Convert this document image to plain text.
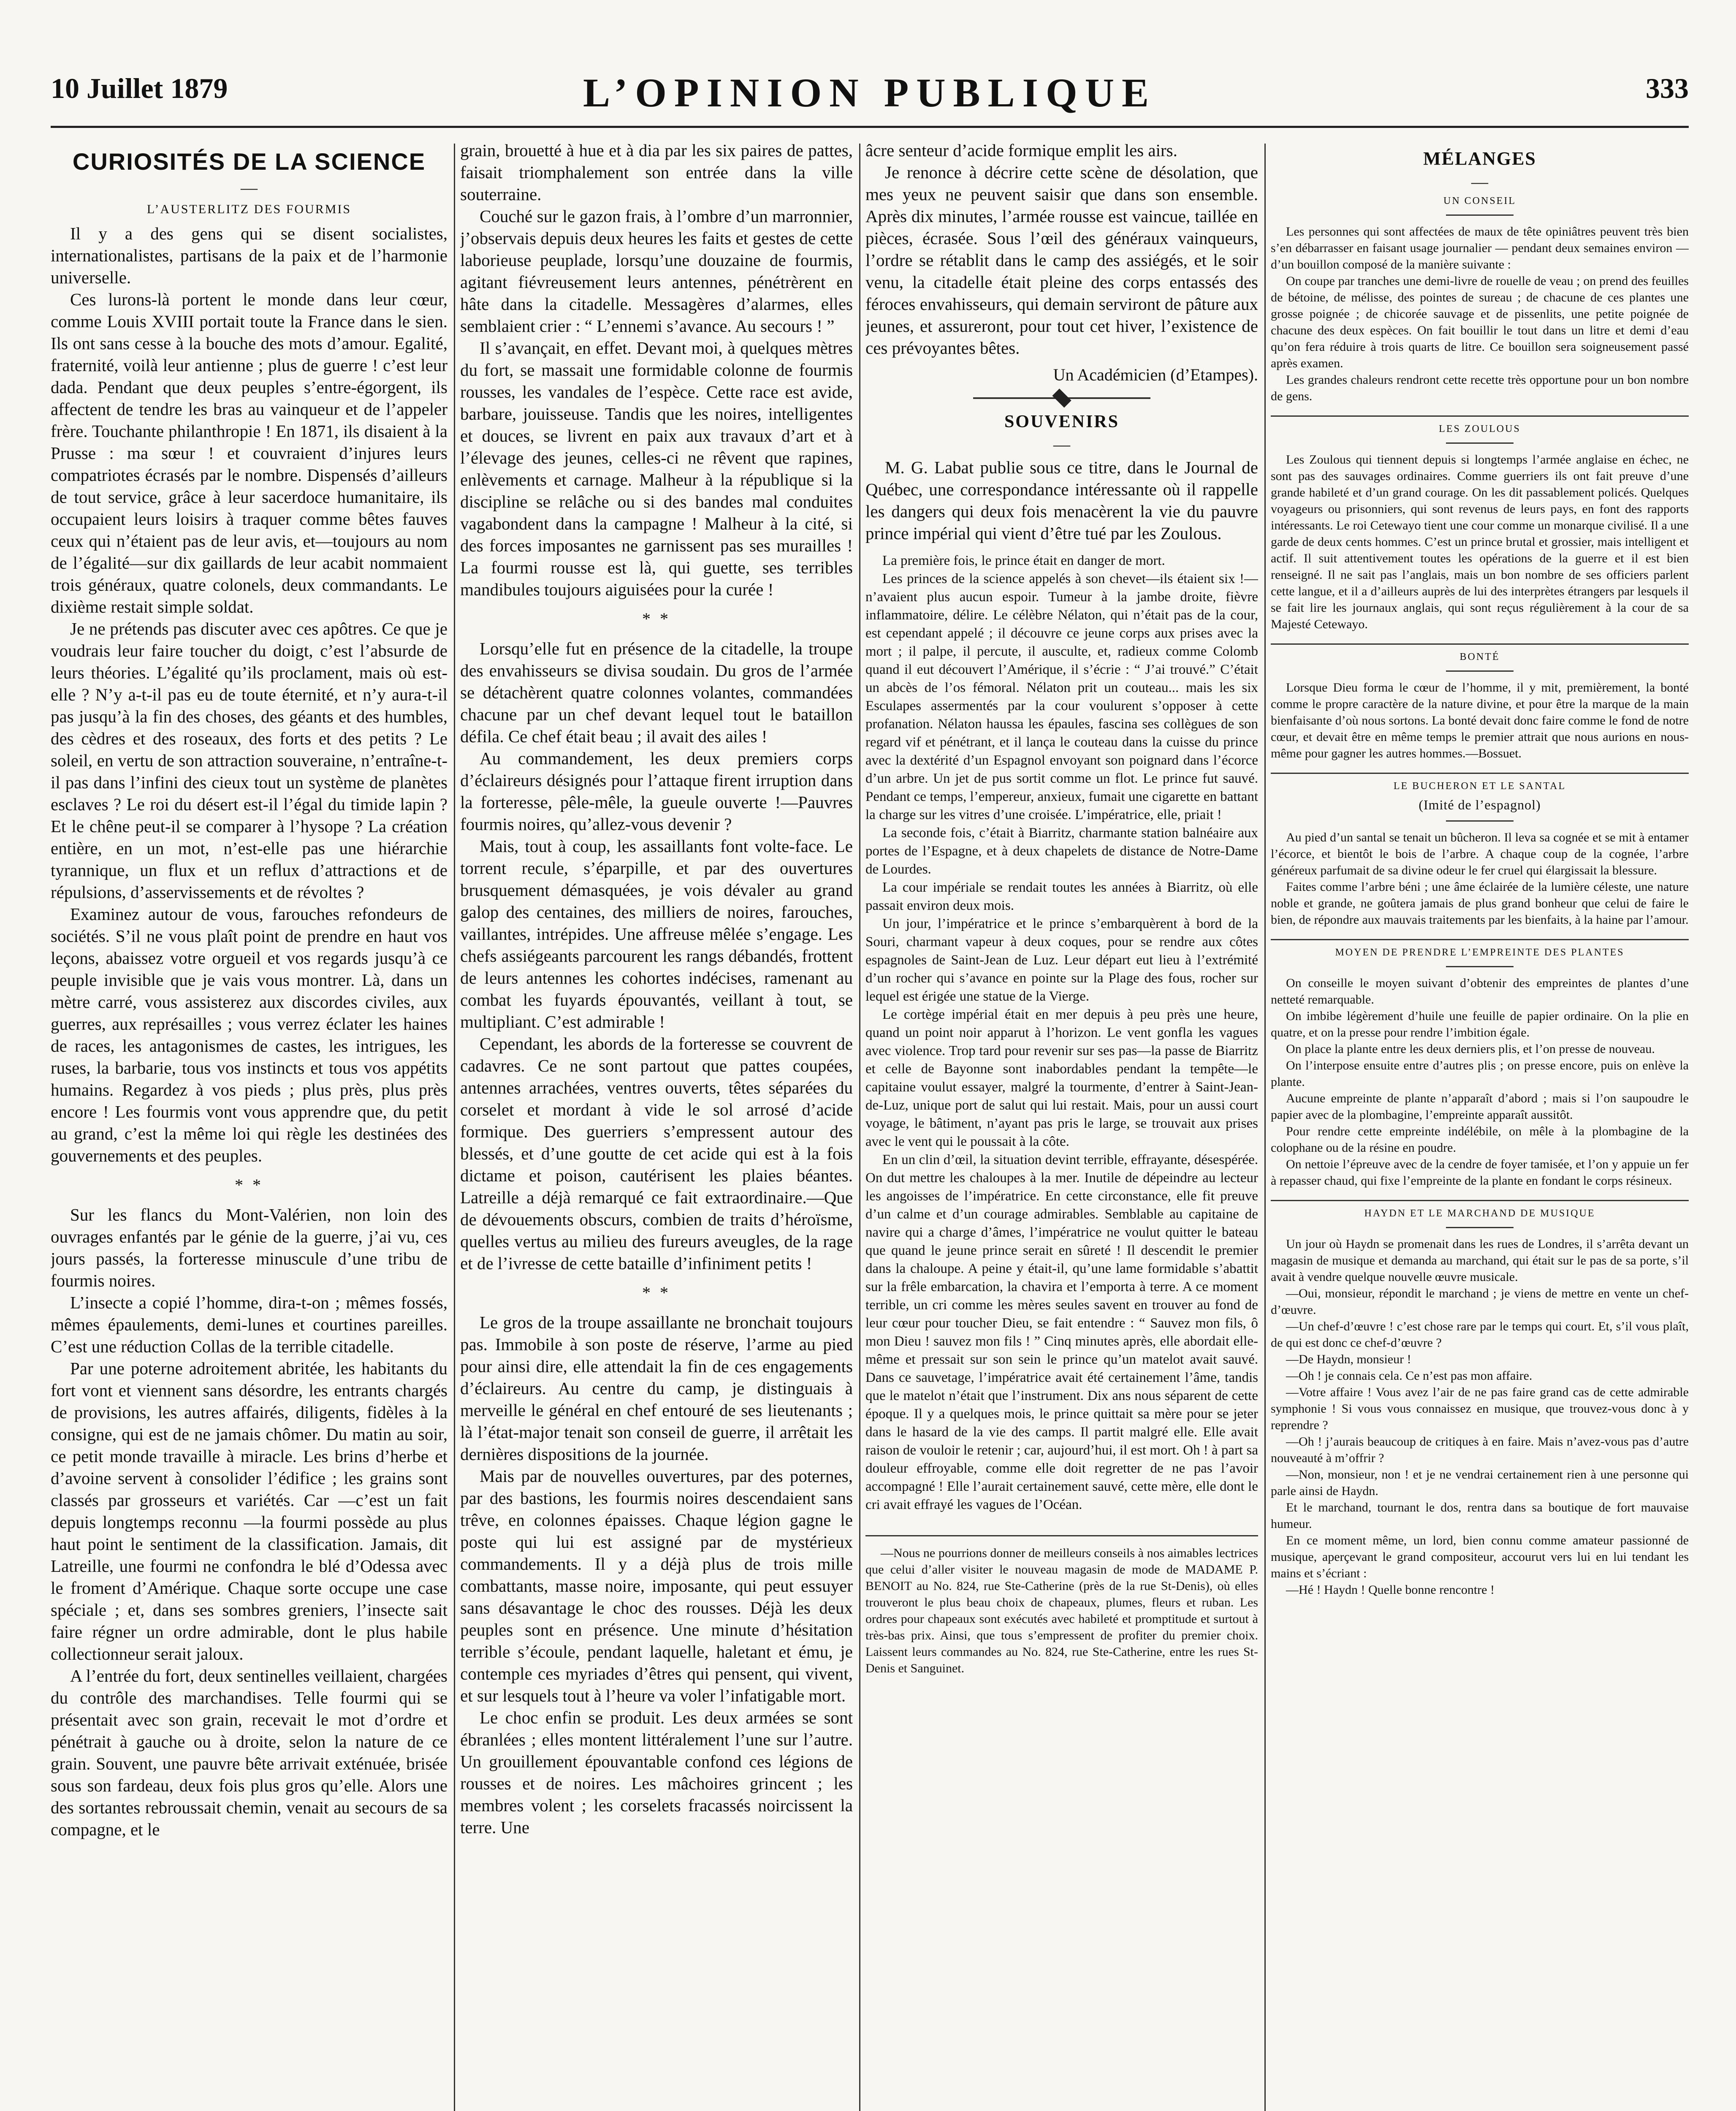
10 Juillet 1879	L’OPINION PUBLIQUE	333
CURIOSITÉS DE LA SCIENCE
—
L’AUSTERLITZ DES FOURMIS

Il y a des gens qui se disent socialistes, internationalistes, partisans de la paix et de l’harmonie universelle.

Ces lurons-là portent le monde dans leur cœur, comme Louis XVIII portait toute la France dans le sien. Ils ont sans cesse à la bouche des mots d’amour. Egalité, fraternité, voilà leur antienne ; plus de guerre ! c’est leur dada. Pendant que deux peuples s’entre-égorgent, ils affectent de tendre les bras au vainqueur et de l’appeler frère. Touchante philanthropie ! En 1871, ils disaient à la Prusse : ma sœur ! et couvraient d’injures leurs compatriotes écrasés par le nombre. Dispensés d’ailleurs de tout service, grâce à leur sacerdoce humanitaire, ils occupaient leurs loisirs à traquer comme bêtes fauves ceux qui n’étaient pas de leur avis, et—toujours au nom de l’égalité—sur dix gaillards de leur acabit nommaient trois généraux, quatre colonels, deux commandants. Le dixième restait simple soldat.

Je ne prétends pas discuter avec ces apôtres. Ce que je voudrais leur faire toucher du doigt, c’est l’absurde de leurs théories. L’égalité qu’ils proclament, mais où est-elle ? N’y a-t-il pas eu de toute éternité, et n’y aura-t-il pas jusqu’à la fin des choses, des géants et des humbles, des cèdres et des roseaux, des forts et des petits ? Le soleil, en vertu de son attraction souveraine, n’entraîne-t-il pas dans l’infini des cieux tout un système de planètes esclaves ? Le roi du désert est-il l’égal du timide lapin ? Et le chêne peut-il se comparer à l’hysope ? La création entière, en un mot, n’est-elle pas une hiérarchie tyrannique, un flux et un reflux d’attractions et de répulsions, d’asservissements et de révoltes ?

Examinez autour de vous, farouches refondeurs de sociétés. S’il ne vous plaît point de prendre en haut vos leçons, abaissez votre orgueil et vos regards jusqu’à ce peuple invisible que je vais vous montrer. Là, dans un mètre carré, vous assisterez aux discordes civiles, aux guerres, aux représailles ; vous verrez éclater les haines de races, les antagonismes de castes, les intrigues, les ruses, la barbarie, tous vos instincts et tous vos appétits humains. Regardez à vos pieds ; plus près, plus près encore ! Les fourmis vont vous apprendre que, du petit au grand, c’est la même loi qui règle les destinées des gouvernements et des peuples.

* *

Sur les flancs du Mont-Valérien, non loin des ouvrages enfantés par le génie de la guerre, j’ai vu, ces jours passés, la forteresse minuscule d’une tribu de fourmis noires.

L’insecte a copié l’homme, dira-t-on ; mêmes fossés, mêmes épaulements, demi-lunes et courtines pareilles. C’est une réduction Collas de la terrible citadelle.

Par une poterne adroitement abritée, les habitants du fort vont et viennent sans désordre, les entrants chargés de provisions, les autres affairés, diligents, fidèles à la consigne, qui est de ne jamais chômer. Du matin au soir, ce petit monde travaille à miracle. Les brins d’herbe et d’avoine servent à consolider l’édifice ; les grains sont classés par grosseurs et variétés. Car —c’est un fait depuis longtemps reconnu —la fourmi possède au plus haut point le sentiment de la classification. Jamais, dit Latreille, une fourmi ne confondra le blé d’Odessa avec le froment d’Amérique. Chaque sorte occupe une case spéciale ; et, dans ses sombres greniers, l’insecte sait faire régner un ordre admirable, dont le plus habile collectionneur serait jaloux.

A l’entrée du fort, deux sentinelles veillaient, chargées du contrôle des marchandises. Telle fourmi qui se présentait avec son grain, recevait le mot d’ordre et pénétrait à gauche ou à droite, selon la nature de ce grain. Souvent, une pauvre bête arrivait exténuée, brisée sous son fardeau, deux fois plus gros qu’elle. Alors une des sortantes rebroussait chemin, venait au secours de sa compagne, et le

grain, brouetté à hue et à dia par les six paires de pattes, faisait triomphalement son entrée dans la ville souterraine.

Couché sur le gazon frais, à l’ombre d’un marronnier, j’observais depuis deux heures les faits et gestes de cette laborieuse peuplade, lorsqu’une douzaine de fourmis, agitant fiévreusement leurs antennes, pénétrèrent en hâte dans la citadelle. Messagères d’alarmes, elles semblaient crier : “ L’ennemi s’avance. Au secours ! ”

Il s’avançait, en effet. Devant moi, à quelques mètres du fort, se massait une formidable colonne de fourmis rousses, les vandales de l’espèce. Cette race est avide, barbare, jouisseuse. Tandis que les noires, intelligentes et douces, se livrent en paix aux travaux d’art et à l’élevage des jeunes, celles-ci ne rêvent que rapines, enlèvements et carnage. Malheur à la république si la discipline se relâche ou si des bandes mal conduites vagabondent dans la campagne ! Malheur à la cité, si des forces imposantes ne garnissent pas ses murailles ! La fourmi rousse est là, qui guette, ses terribles mandibules toujours aiguisées pour la curée !

* *

Lorsqu’elle fut en présence de la citadelle, la troupe des envahisseurs se divisa soudain. Du gros de l’armée se détachèrent quatre colonnes volantes, commandées chacune par un chef devant lequel tout le bataillon défila. Ce chef était beau ; il avait des ailes !

Au commandement, les deux premiers corps d’éclaireurs désignés pour l’attaque firent irruption dans la forteresse, pêle-mêle, la gueule ouverte !—Pauvres fourmis noires, qu’allez-vous devenir ?

Mais, tout à coup, les assaillants font volte-face. Le torrent recule, s’éparpille, et par des ouvertures brusquement démasquées, je vois dévaler au grand galop des centaines, des milliers de noires, farouches, vaillantes, intrépides. Une affreuse mêlée s’engage. Les chefs assiégeants parcourent les rangs débandés, frottent de leurs antennes les cohortes indécises, ramenant au combat les fuyards épouvantés, veillant à tout, se multipliant. C’est admirable !

Cependant, les abords de la forteresse se couvrent de cadavres. Ce ne sont partout que pattes coupées, antennes arrachées, ventres ouverts, têtes séparées du corselet et mordant à vide le sol arrosé d’acide formique. Des guerriers s’empressent autour des blessés, et d’une goutte de cet acide qui est à la fois dictame et poison, cautérisent les plaies béantes. Latreille a déjà remarqué ce fait extraordinaire.—Que de dévouements obscurs, combien de traits d’héroïsme, quelles vertus au milieu des fureurs aveugles, de la rage et de l’ivresse de cette bataille d’infiniment petits !

* *

Le gros de la troupe assaillante ne bronchait toujours pas. Immobile à son poste de réserve, l’arme au pied pour ainsi dire, elle attendait la fin de ces engagements d’éclaireurs. Au centre du camp, je distinguais à merveille le général en chef entouré de ses lieutenants ; là l’état-major tenait son conseil de guerre, il arrêtait les dernières dispositions de la journée.

Mais par de nouvelles ouvertures, par des poternes, par des bastions, les fourmis noires descendaient sans trêve, en colonnes épaisses. Chaque légion gagne le poste qui lui est assigné par de mystérieux commandements. Il y a déjà plus de trois mille combattants, masse noire, imposante, qui peut essuyer sans désavantage le choc des rousses. Déjà les deux peuples sont en présence. Une minute d’hésitation terrible s’écoule, pendant laquelle, haletant et ému, je contemple ces myriades d’êtres qui pensent, qui vivent, et sur lesquels tout à l’heure va voler l’infatigable mort.

Le choc enfin se produit. Les deux armées se sont ébranlées ; elles montent littéralement l’une sur l’autre. Un grouillement épouvantable confond ces légions de rousses et de noires. Les mâchoires grincent ; les membres volent ; les corselets fracassés noircissent la terre. Une

âcre senteur d’acide formique emplit les airs.

Je renonce à décrire cette scène de désolation, que mes yeux ne peuvent saisir que dans son ensemble. Après dix minutes, l’armée rousse est vaincue, taillée en pièces, écrasée. Sous l’œil des généraux vainqueurs, l’ordre se rétablit dans le camp des assiégés, et le soir venu, la citadelle était pleine des corps entassés des féroces envahisseurs, qui demain serviront de pâture aux jeunes, et assureront, pour tout cet hiver, l’existence de ces prévoyantes bêtes.

Un Académicien (d’Etampes).
SOUVENIRS
—

M. G. Labat publie sous ce titre, dans le Journal de Québec, une correspondance intéressante où il rappelle les dangers qui deux fois menacèrent la vie du pauvre prince impérial qui vient d’être tué par les Zoulous.

La première fois, le prince était en danger de mort.

Les princes de la science appelés à son chevet—ils étaient six !— n’avaient plus aucun espoir. Tumeur à la jambe droite, fièvre inflammatoire, délire. Le célèbre Nélaton, qui n’était pas de la cour, est cependant appelé ; il découvre ce jeune corps aux prises avec la mort ; il palpe, il percute, il ausculte, et, radieux comme Colomb quand il eut découvert l’Amérique, il s’écrie : “ J’ai trouvé.” C’était un abcès de l’os fémoral. Nélaton prit un couteau... mais les six Esculapes assermentés par la cour voulurent s’opposer à cette profanation. Nélaton haussa les épaules, fascina ses collègues de son regard vif et pénétrant, et il lança le couteau dans la cuisse du prince avec la dextérité d’un Espagnol envoyant son poignard dans l’écorce d’un arbre. Un jet de pus sortit comme un flot. Le prince fut sauvé. Pendant ce temps, l’empereur, anxieux, fumait une cigarette en battant la charge sur les vitres d’une croisée. L’impératrice, elle, priait !

La seconde fois, c’était à Biarritz, charmante station balnéaire aux portes de l’Espagne, et à deux chapelets de distance de Notre-Dame de Lourdes.

La cour impériale se rendait toutes les années à Biarritz, où elle passait environ deux mois.

Un jour, l’impératrice et le prince s’embarquèrent à bord de la Souri, charmant vapeur à deux coques, pour se rendre aux côtes espagnoles de Saint-Jean de Luz. Leur départ eut lieu à l’extrémité d’un rocher qui s’avance en pointe sur la Plage des fous, rocher sur lequel est érigée une statue de la Vierge.

Le cortège impérial était en mer depuis à peu près une heure, quand un point noir apparut à l’horizon. Le vent gonfla les vagues avec violence. Trop tard pour revenir sur ses pas—la passe de Biarritz et celle de Bayonne sont inabordables pendant la tempête—le capitaine voulut essayer, malgré la tourmente, d’entrer à Saint-Jean-de-Luz, unique port de salut qui lui restait. Mais, pour un aussi court voyage, le bâtiment, n’ayant pas pris le large, se trouvait aux prises avec le vent qui le poussait à la côte.

En un clin d’œil, la situation devint terrible, effrayante, désespérée. On dut mettre les chaloupes à la mer. Inutile de dépeindre au lecteur les angoisses de l’impératrice. En cette circonstance, elle fit preuve d’un calme et d’un courage admirables. Semblable au capitaine de navire qui a charge d’âmes, l’impératrice ne voulut quitter le bateau que quand le jeune prince serait en sûreté ! Il descendit le premier dans la chaloupe. A peine y était-il, qu’une lame formidable s’abattit sur la frêle embarcation, la chavira et l’emporta à terre. A ce moment terrible, un cri comme les mères seules savent en trouver au fond de leur cœur pour toucher Dieu, se fait entendre : “ Sauvez mon fils, ô mon Dieu ! sauvez mon fils ! ” Cinq minutes après, elle abordait elle-même et pressait sur son sein le prince qu’un matelot avait sauvé. Dans ce sauvetage, l’impératrice avait été certainement l’âme, tandis que le matelot n’était que l’instrument. Dix ans nous séparent de cette époque. Il y a quelques mois, le prince quittait sa mère pour se jeter dans le hasard de la vie des camps. Il partit malgré elle. Elle avait raison de vouloir le retenir ; car, aujourd’hui, il est mort. Oh ! à part sa douleur effroyable, comme elle doit regretter de ne pas l’avoir accompagné ! Elle l’aurait certainement sauvé, cette mère, elle dont le cri avait effrayé les vagues de l’Océan.

—Nous ne pourrions donner de meilleurs conseils à nos aimables lectrices que celui d’aller visiter le nouveau magasin de mode de MADAME P. BENOIT au No. 824, rue Ste-Catherine (près de la rue St-Denis), où elles trouveront le plus beau choix de chapeaux, plumes, fleurs et ruban. Les ordres pour chapeaux sont exécutés avec habileté et promptitude et surtout à très-bas prix. Ainsi, que tous s’empressent de profiter du premier choix. Laissent leurs commandes au No. 824, rue Ste-Catherine, entre les rues St-Denis et Sanguinet.

MÉLANGES
—
UN CONSEIL

Les personnes qui sont affectées de maux de tête opiniâtres peuvent très bien s’en débarrasser en faisant usage journalier — pendant deux semaines environ —d’un bouillon composé de la manière suivante :

On coupe par tranches une demi-livre de rouelle de veau ; on prend des feuilles de bétoine, de mélisse, des pointes de sureau ; de chacune de ces plantes une grosse poignée ; de chicorée sauvage et de pissenlits, une petite poignée de chacune des deux espèces. On fait bouillir le tout dans un litre et demi d’eau qu’on fera réduire à trois quarts de litre. Ce bouillon sera soigneusement passé après examen.

Les grandes chaleurs rendront cette recette très opportune pour un bon nombre de gens.

LES ZOULOUS

Les Zoulous qui tiennent depuis si longtemps l’armée anglaise en échec, ne sont pas des sauvages ordinaires. Comme guerriers ils ont fait preuve d’une grande habileté et d’un grand courage. On les dit passablement policés. Quelques voyageurs ou prisonniers, qui sont revenus de leurs pays, en font des rapports intéressants. Le roi Cetewayo tient une cour comme un monarque civilisé. Il a une garde de deux cents hommes. C’est un prince brutal et grossier, mais intelligent et actif. Il suit attentivement toutes les opérations de la guerre et il est bien renseigné. Il ne sait pas l’anglais, mais un bon nombre de ses officiers parlent cette langue, et il a d’ailleurs auprès de lui des interprètes étrangers par lesquels il se fait lire les journaux anglais, qui sont reçus régulièrement à la cour de sa Majesté Cetewayo.

BONTÉ

Lorsque Dieu forma le cœur de l’homme, il y mit, premièrement, la bonté comme le propre caractère de la nature divine, et pour être la marque de la main bienfaisante d’où nous sortons. La bonté devait donc faire comme le fond de notre cœur, et devait être en même temps le premier attrait que nous aurions en nous-même pour gagner les autres hommes.—Bossuet.

LE BUCHERON ET LE SANTAL
(Imité de l’espagnol)

Au pied d’un santal se tenait un bûcheron. Il leva sa cognée et se mit à entamer l’écorce, et bientôt le bois de l’arbre. A chaque coup de la cognée, l’arbre généreux parfumait de sa divine odeur le fer cruel qui élargissait la blessure.

Faites comme l’arbre béni ; une âme éclairée de la lumière céleste, une nature noble et grande, ne goûtera jamais de plus grand bonheur que celui de faire le bien, de répondre aux mauvais traitements par les bienfaits, à la haine par l’amour.

MOYEN DE PRENDRE L’EMPREINTE DES PLANTES

On conseille le moyen suivant d’obtenir des empreintes de plantes d’une netteté remarquable.

On imbibe légèrement d’huile une feuille de papier ordinaire. On la plie en quatre, et on la presse pour rendre l’imbition égale.

On place la plante entre les deux derniers plis, et l’on presse de nouveau.

On l’interpose ensuite entre d’autres plis ; on presse encore, puis on enlève la plante.

Aucune empreinte de plante n’apparaît d’abord ; mais si l’on saupoudre le papier avec de la plombagine, l’empreinte apparaît aussitôt.

Pour rendre cette empreinte indélébile, on mêle à la plombagine de la colophane ou de la résine en poudre.

On nettoie l’épreuve avec de la cendre de foyer tamisée, et l’on y appuie un fer à repasser chaud, qui fixe l’empreinte de la plante en fondant le corps résineux.

HAYDN ET LE MARCHAND DE MUSIQUE

Un jour où Haydn se promenait dans les rues de Londres, il s’arrêta devant un magasin de musique et demanda au marchand, qui était sur le pas de sa porte, s’il avait à vendre quelque nouvelle œuvre musicale.

—Oui, monsieur, répondit le marchand ; je viens de mettre en vente un chef-d’œuvre.

—Un chef-d’œuvre ! c’est chose rare par le temps qui court. Et, s’il vous plaît, de qui est donc ce chef-d’œuvre ?

—De Haydn, monsieur !

—Oh ! je connais cela. Ce n’est pas mon affaire.

—Votre affaire ! Vous avez l’air de ne pas faire grand cas de cette admirable symphonie ! Si vous vous connaissez en musique, que trouvez-vous donc à y reprendre ?

—Oh ! j’aurais beaucoup de critiques à en faire. Mais n’avez-vous pas d’autre nouveauté à m’offrir ?

—Non, monsieur, non ! et je ne vendrai certainement rien à une personne qui parle ainsi de Haydn.

Et le marchand, tournant le dos, rentra dans sa boutique de fort mauvaise humeur.

En ce moment même, un lord, bien connu comme amateur passionné de musique, aperçevant le grand compositeur, accourut vers lui en lui tendant les mains et s’écriant :

—Hé ! Haydn ! Quelle bonne rencontre !
